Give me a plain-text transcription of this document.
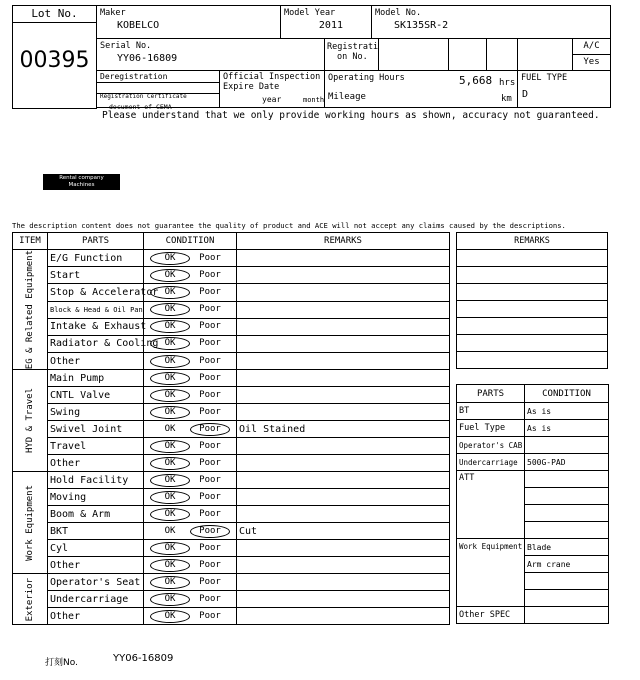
Lot No.
00395
Maker
KOBELCO
Model Year
2011
Model No.
SK135SR-2
Serial No.
YY06-16809
Registrati
on No.
A/C
Yes
Deregistration
Registration Certificate
document of CEMA
Official Inspection
Expire Date
year	month
Operating Hours	5,668 hrs
Mileage	km
FUEL TYPE
D
Please understand that we only provide working hours as shown, accuracy not guaranteed.
Rental company
Machines
The description content does not guarantee the quality of product and ACE will not accept any claims caused by the descriptions.
ITEM	PARTS	CONDITION	REMARKS

EG & Related Equipment	E/G Function	OK Poor	
	Start	OK Poor	
	Stop & Accelerator	OK Poor	
	Block & Head & Oil Pan	OK Poor	
	Intake & Exhaust	OK Poor	
	Radiator & Cooling	OK Poor	
	Other	OK Poor	

HYD & Travel	Main Pump	OK Poor	
	CNTL Valve	OK Poor	
	Swing	OK Poor	
	Swivel Joint	OK Poor	Oil Stained
	Travel	OK Poor	
	Other	OK Poor	

Work Equipment	Hold Facility	OK Poor	
	Moving	OK Poor	
	Boom & Arm	OK Poor	
	BKT	OK Poor	Cut
	Cyl	OK Poor	
	Other	OK Poor	

Exterior	Operator's Seat	OK Poor	
	Undercarriage	OK Poor	
	Other	OK Poor	
REMARKS

PARTS	CONDITION
BT	As is
Fuel Type	As is
Operator's CAB	
Undercarriage	500G-PAD
ATT	

Work Equipment	Blade
	Arm crane

Other SPEC	
打刻No.	YY06-16809
